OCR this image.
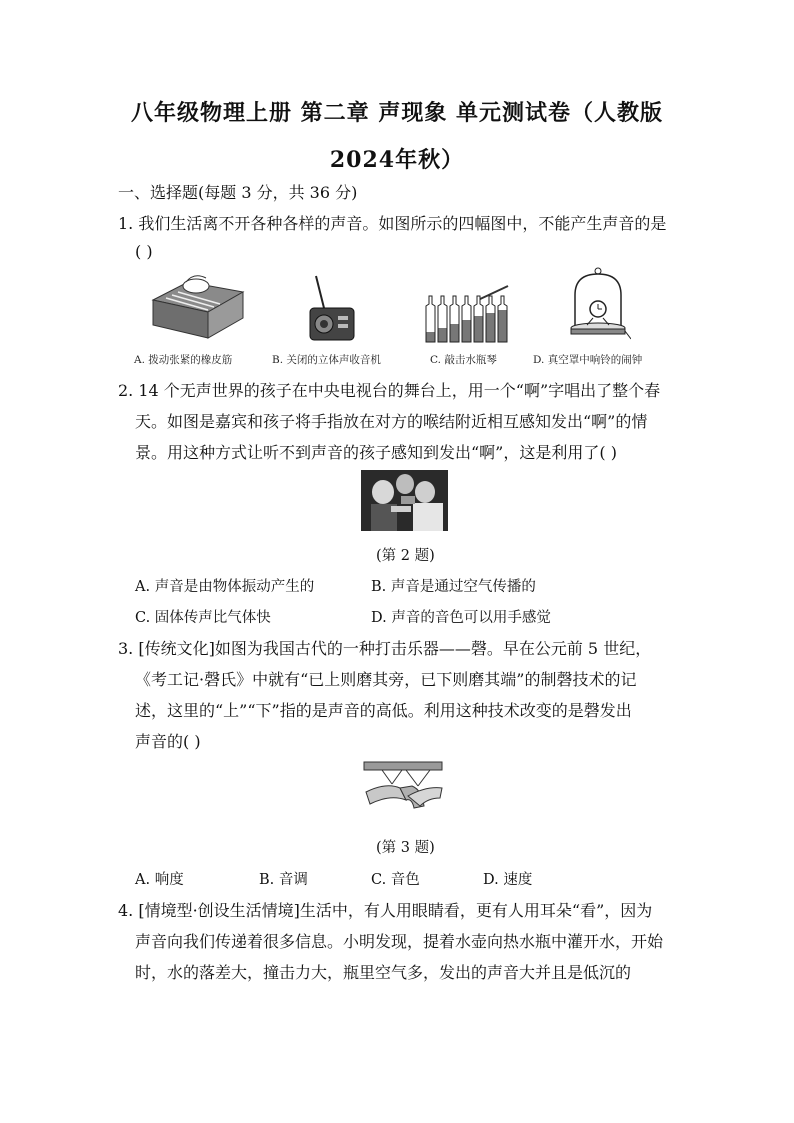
八年级物理上册 第二章 声现象 单元测试卷（人教版
2024年秋）
一、选择题(每题 3 分，共 36 分)
1. 我们生活离不开各种各样的声音。如图所示的四幅图中，不能产生声音的是
( )
A. 拨动张紧的橡皮筋	B. 关闭的立体声收音机	C. 敲击水瓶琴	D. 真空罩中响铃的闹钟
2. 14 个无声世界的孩子在中央电视台的舞台上，用一个“啊”字唱出了整个春
天。如图是嘉宾和孩子将手指放在对方的喉结附近相互感知发出“啊”的情
景。用这种方式让听不到声音的孩子感知到发出“啊”，这是利用了( )
(第 2 题)
A. 声音是由物体振动产生的	B. 声音是通过空气传播的
C. 固体传声比气体快	D. 声音的音色可以用手感觉
3. [传统文化]如图为我国古代的一种打击乐器——磬。早在公元前 5 世纪，
《考工记·磬氏》中就有“已上则磨其旁，已下则磨其端”的制磬技术的记
述，这里的“上”“下”指的是声音的高低。利用这种技术改变的是磬发出
声音的( )
(第 3 题)
A. 响度	B. 音调	C. 音色	D. 速度
4. [情境型·创设生活情境]生活中，有人用眼睛看，更有人用耳朵“看”，因为
声音向我们传递着很多信息。小明发现，提着水壶向热水瓶中灌开水，开始
时，水的落差大，撞击力大，瓶里空气多，发出的声音大并且是低沉的
